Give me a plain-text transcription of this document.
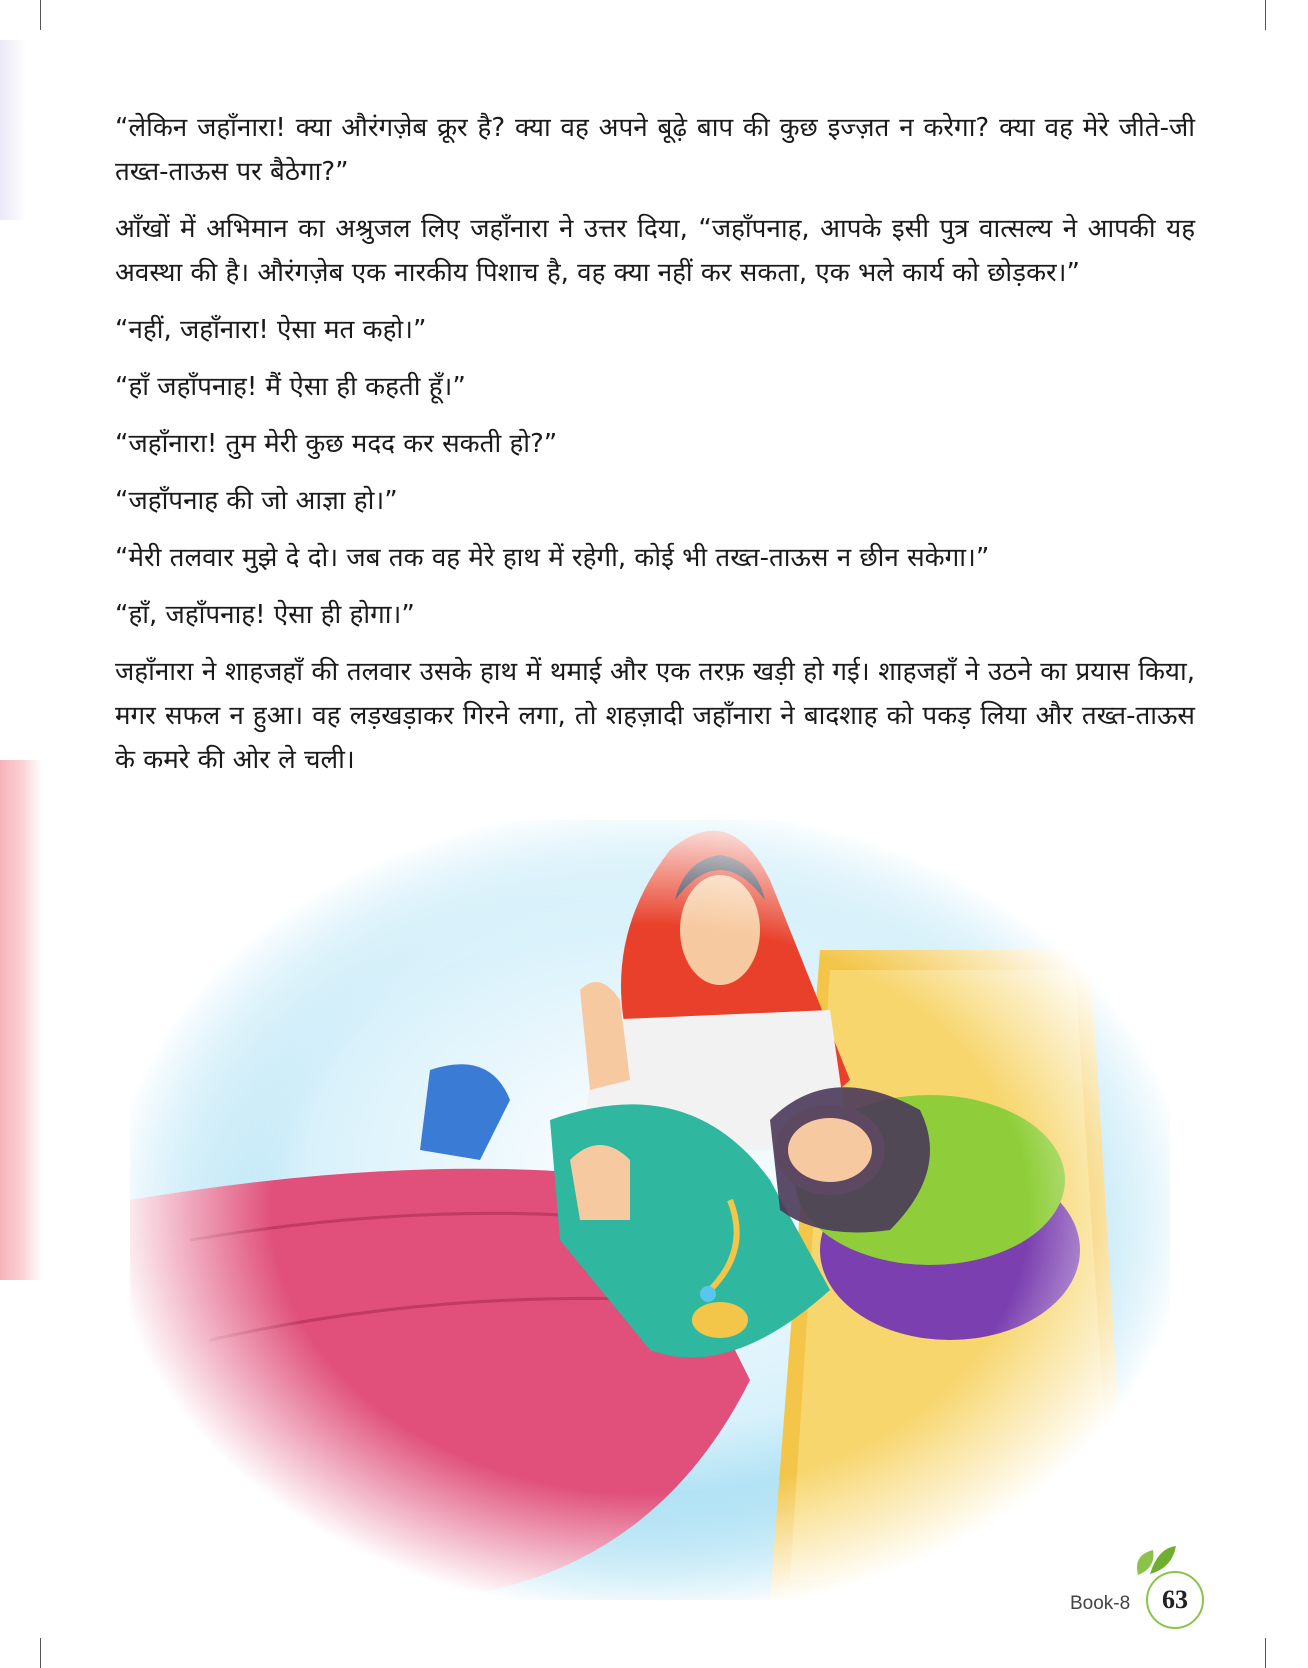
“लेकिन जहाँनारा! क्या औरंगज़ेब क्रूर है? क्या वह अपने बूढ़े बाप की कुछ इज्ज़त न करेगा? क्या वह मेरे जीते-जी तख्त-ताऊस पर बैठेगा?”

आँखों में अभिमान का अश्रुजल लिए जहाँनारा ने उत्तर दिया, “जहाँपनाह, आपके इसी पुत्र वात्सल्य ने आपकी यह अवस्था की है। औरंगज़ेब एक नारकीय पिशाच है, वह क्या नहीं कर सकता, एक भले कार्य को छोड़कर।”

“नहीं, जहाँनारा! ऐसा मत कहो।”

“हाँ जहाँपनाह! मैं ऐसा ही कहती हूँ।”

“जहाँनारा! तुम मेरी कुछ मदद कर सकती हो?”

“जहाँपनाह की जो आज्ञा हो।”

“मेरी तलवार मुझे दे दो। जब तक वह मेरे हाथ में रहेगी, कोई भी तख्त-ताऊस न छीन सकेगा।”

“हाँ, जहाँपनाह! ऐसा ही होगा।”

जहाँनारा ने शाहजहाँ की तलवार उसके हाथ में थमाई और एक तरफ़ खड़ी हो गई। शाहजहाँ ने उठने का प्रयास किया, मगर सफल न हुआ। वह लड़खड़ाकर गिरने लगा, तो शहज़ादी जहाँनारा ने बादशाह को पकड़ लिया और तख्त-ताऊस के कमरे की ओर ले चली।

Book-8	63
